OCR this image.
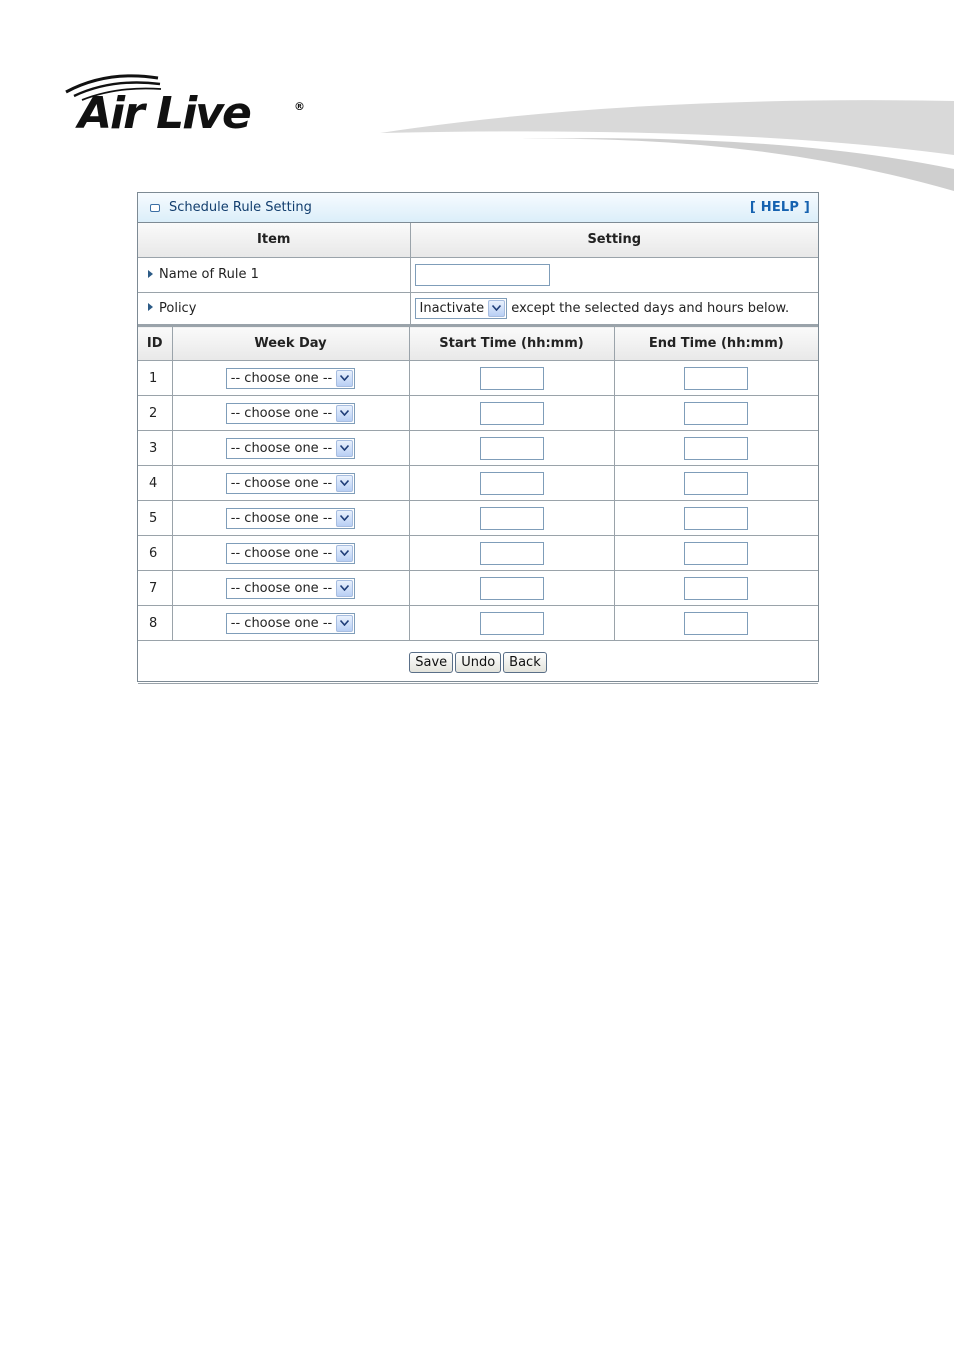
Air Live	®
Schedule Rule Setting	[ HELP ]
Item	Setting
Name of Rule 1	
Policy	Inactivate except the selected days and hours below.
ID	Week Day	Start Time (hh:mm)	End Time (hh:mm)
1	-- choose one --

2	-- choose one --

3	-- choose one --

4	-- choose one --

5	-- choose one --

6	-- choose one --

7	-- choose one --

8	-- choose one --

Save Undo Back			
